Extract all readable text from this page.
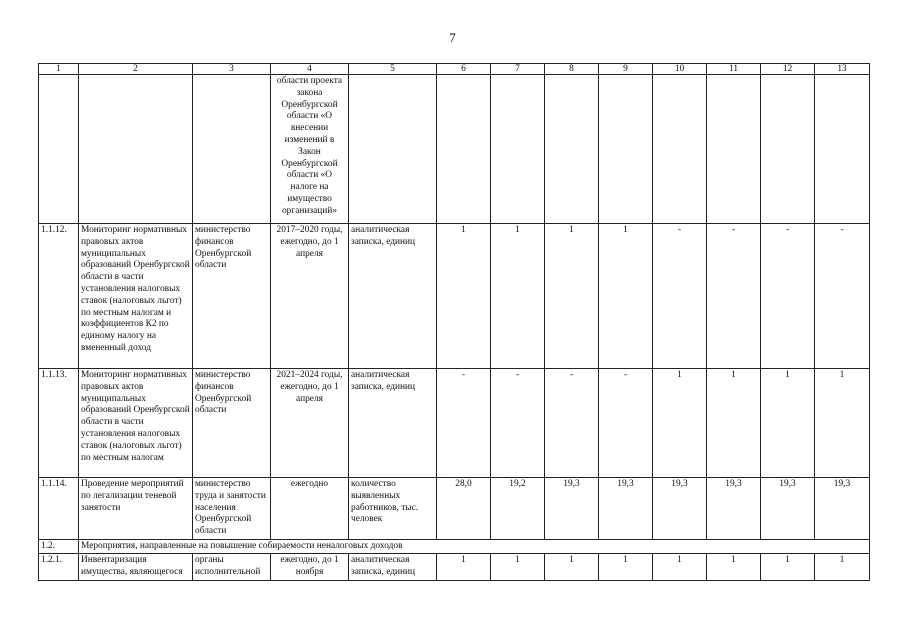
7
1	2	3	4	5	6	7	8	9	10	11	12	13
			области проекта закона Оренбургской области «О внесении изменений в Закон Оренбургской области «О налоге на имущество организаций»									
1.1.12.	Мониторинг нормативных правовых актов муниципальных образований Оренбургской области в части установления налоговых ставок (налоговых льгот) по местным налогам и коэффициентов К2 по единому налогу на вмененный доход	министерство финансов Оренбургской области	2017–2020 годы, ежегодно, до 1 апреля	аналитическая записка, единиц	1	1	1	1	-	-	-	-
1.1.13.	Мониторинг нормативных правовых актов муниципальных образований Оренбургской области в части установления налоговых ставок (налоговых льгот) по местным налогам	министерство финансов Оренбургской области	2021–2024 годы, ежегодно, до 1 апреля	аналитическая записка, единиц	-	-	-	-	1	1	1	1
1.1.14.	Проведение мероприятий по легализации теневой занятости	министерство труда и занятости населения Оренбургской области	ежегодно	количество выявленных работников, тыс. человек	28,0	19,2	19,3	19,3	19,3	19,3	19,3	19,3
1.2.	Мероприятия, направленные на повышение собираемости неналоговых доходов											
1.2.1.	Инвентаризация имущества, являющегося	органы исполнительной	ежегодно, до 1 ноября	аналитическая записка, единиц	1	1	1	1	1	1	1	1
